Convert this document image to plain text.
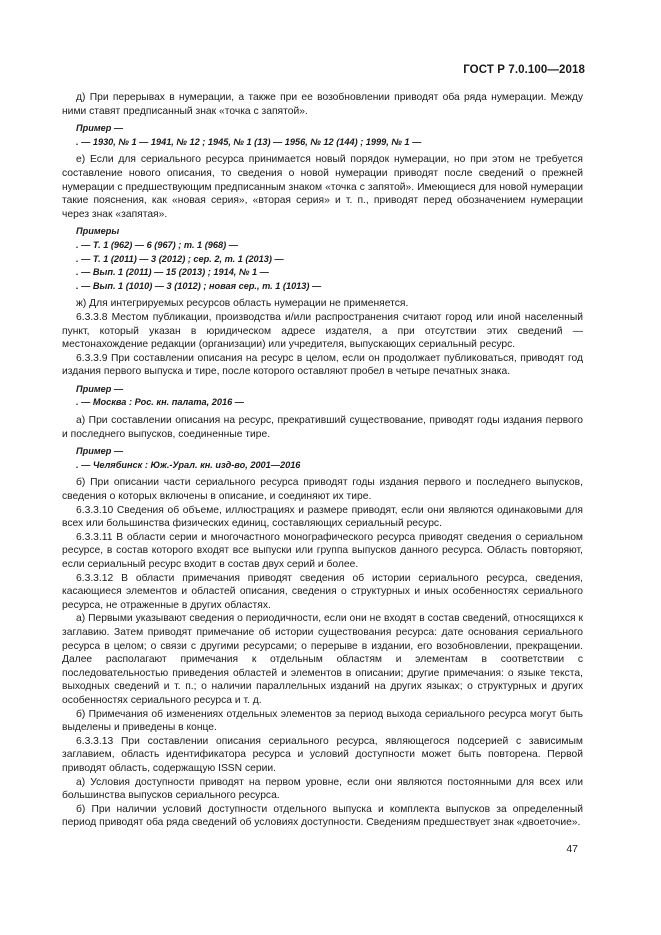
ГОСТ Р 7.0.100—2018

д) При перерывах в нумерации, а также при ее возобновлении приводят оба ряда нумерации. Между ними ставят предписанный знак «точка с запятой».

Пример —

. — 1930, № 1 — 1941, № 12 ; 1945, № 1 (13) — 1956, № 12 (144) ; 1999, № 1 —

е) Если для сериального ресурса принимается новый порядок нумерации, но при этом не требуется составление нового описания, то сведения о новой нумерации приводят после сведений о прежней нумерации с предшествующим предписанным знаком «точка с запятой». Имеющиеся для новой нумерации такие пояснения, как «новая серия», «вторая серия» и т. п., приводят перед обозначением нумерации через знак «запятая».

Примеры

. — Т. 1 (962) — 6 (967) ; т. 1 (968) —

. — Т. 1 (2011) — 3 (2012) ; сер. 2, т. 1 (2013) —

. — Вып. 1 (2011) — 15 (2013) ; 1914, № 1 —

. — Вып. 1 (1010) — 3 (1012) ; новая сер., т. 1 (1013) —

ж) Для интегрируемых ресурсов область нумерации не применяется.

6.3.3.8 Местом публикации, производства и/или распространения считают город или иной населенный пункт, который указан в юридическом адресе издателя, а при отсутствии этих сведений — местонахождение редакции (организации) или учредителя, выпускающих сериальный ресурс.

6.3.3.9 При составлении описания на ресурс в целом, если он продолжает публиковаться, приводят год издания первого выпуска и тире, после которого оставляют пробел в четыре печатных знака.

Пример —

. — Москва : Рос. кн. палата, 2016 —

а) При составлении описания на ресурс, прекративший существование, приводят годы издания первого и последнего выпусков, соединенные тире.

Пример —

. — Челябинск : Юж.-Урал. кн. изд-во, 2001—2016

б) При описании части сериального ресурса приводят годы издания первого и последнего выпусков, сведения о которых включены в описание, и соединяют их тире.

6.3.3.10 Сведения об объеме, иллюстрациях и размере приводят, если они являются одинаковыми для всех или большинства физических единиц, составляющих сериальный ресурс.

6.3.3.11 В области серии и многочастного монографического ресурса приводят сведения о сериальном ресурсе, в состав которого входят все выпуски или группа выпусков данного ресурса. Область повторяют, если сериальный ресурс входит в состав двух серий и более.

6.3.3.12 В области примечания приводят сведения об истории сериального ресурса, сведения, касающиеся элементов и областей описания, сведения о структурных и иных особенностях сериального ресурса, не отраженные в других областях.

а) Первыми указывают сведения о периодичности, если они не входят в состав сведений, относящихся к заглавию. Затем приводят примечание об истории существования ресурса: дате основания сериального ресурса в целом; о связи с другими ресурсами; о перерыве в издании, его возобновлении, прекращении. Далее располагают примечания к отдельным областям и элементам в соответствии с последовательностью приведения областей и элементов в описании; другие примечания: о языке текста, выходных сведений и т. п.; о наличии параллельных изданий на других языках; о структурных и других особенностях сериального ресурса и т. д.

б) Примечания об изменениях отдельных элементов за период выхода сериального ресурса могут быть выделены и приведены в конце.

6.3.3.13 При составлении описания сериального ресурса, являющегося подсерией с зависимым заглавием, область идентификатора ресурса и условий доступности может быть повторена. Первой приводят область, содержащую ISSN серии.

а) Условия доступности приводят на первом уровне, если они являются постоянными для всех или большинства выпусков сериального ресурса.

б) При наличии условий доступности отдельного выпуска и комплекта выпусков за определенный период приводят оба ряда сведений об условиях доступности. Сведениям предшествует знак «двоеточие».

47
